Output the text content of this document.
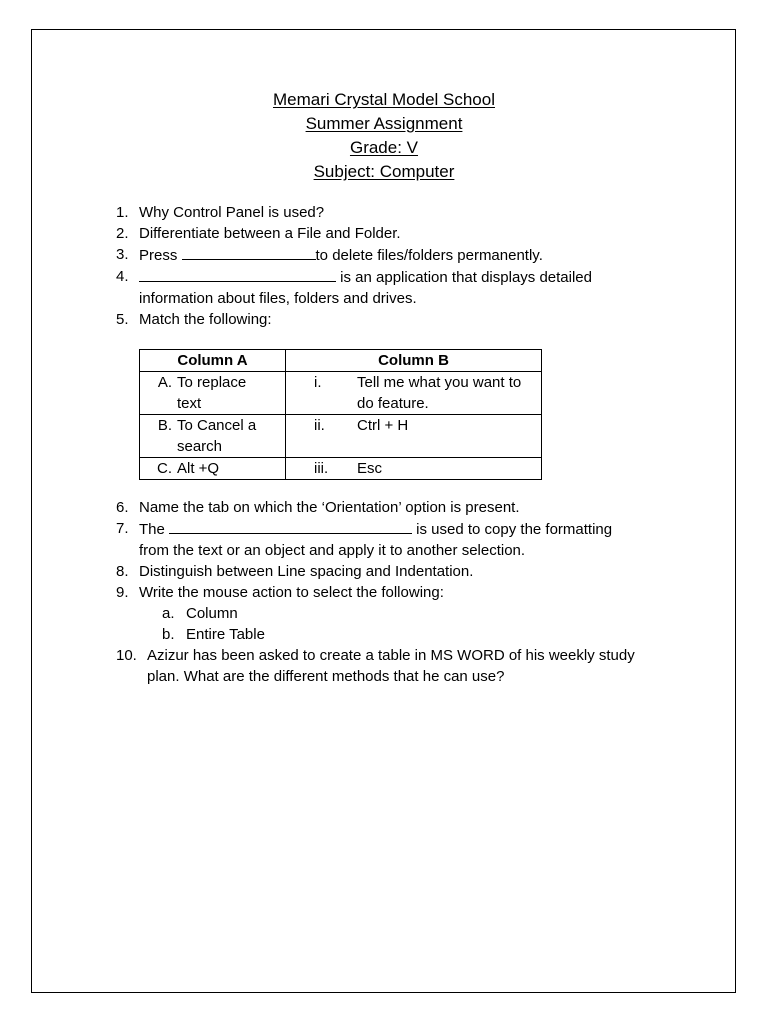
Memari Crystal Model School
Summer Assignment
Grade: V
Subject: Computer
1. Why Control Panel is used?
2. Differentiate between a File and Folder.
3. Press	to delete files/folders permanently.
4.	is an application that displays detailed
information about files, folders and drives.
5. Match the following:
Column A	Column B
A. To replace text	i. Tell me what you want to do feature.
B. To Cancel a search	ii. Ctrl + H
C. Alt +Q	iii. Esc
6. Name the tab on which the ‘Orientation’ option is present.
7. The	is used to copy the formatting
from the text or an object and apply it to another selection.
8. Distinguish between Line spacing and Indentation.
9. Write the mouse action to select the following:
a. Column
b. Entire Table
10. Azizur has been asked to create a table in MS WORD of his weekly study
plan. What are the different methods that he can use?
